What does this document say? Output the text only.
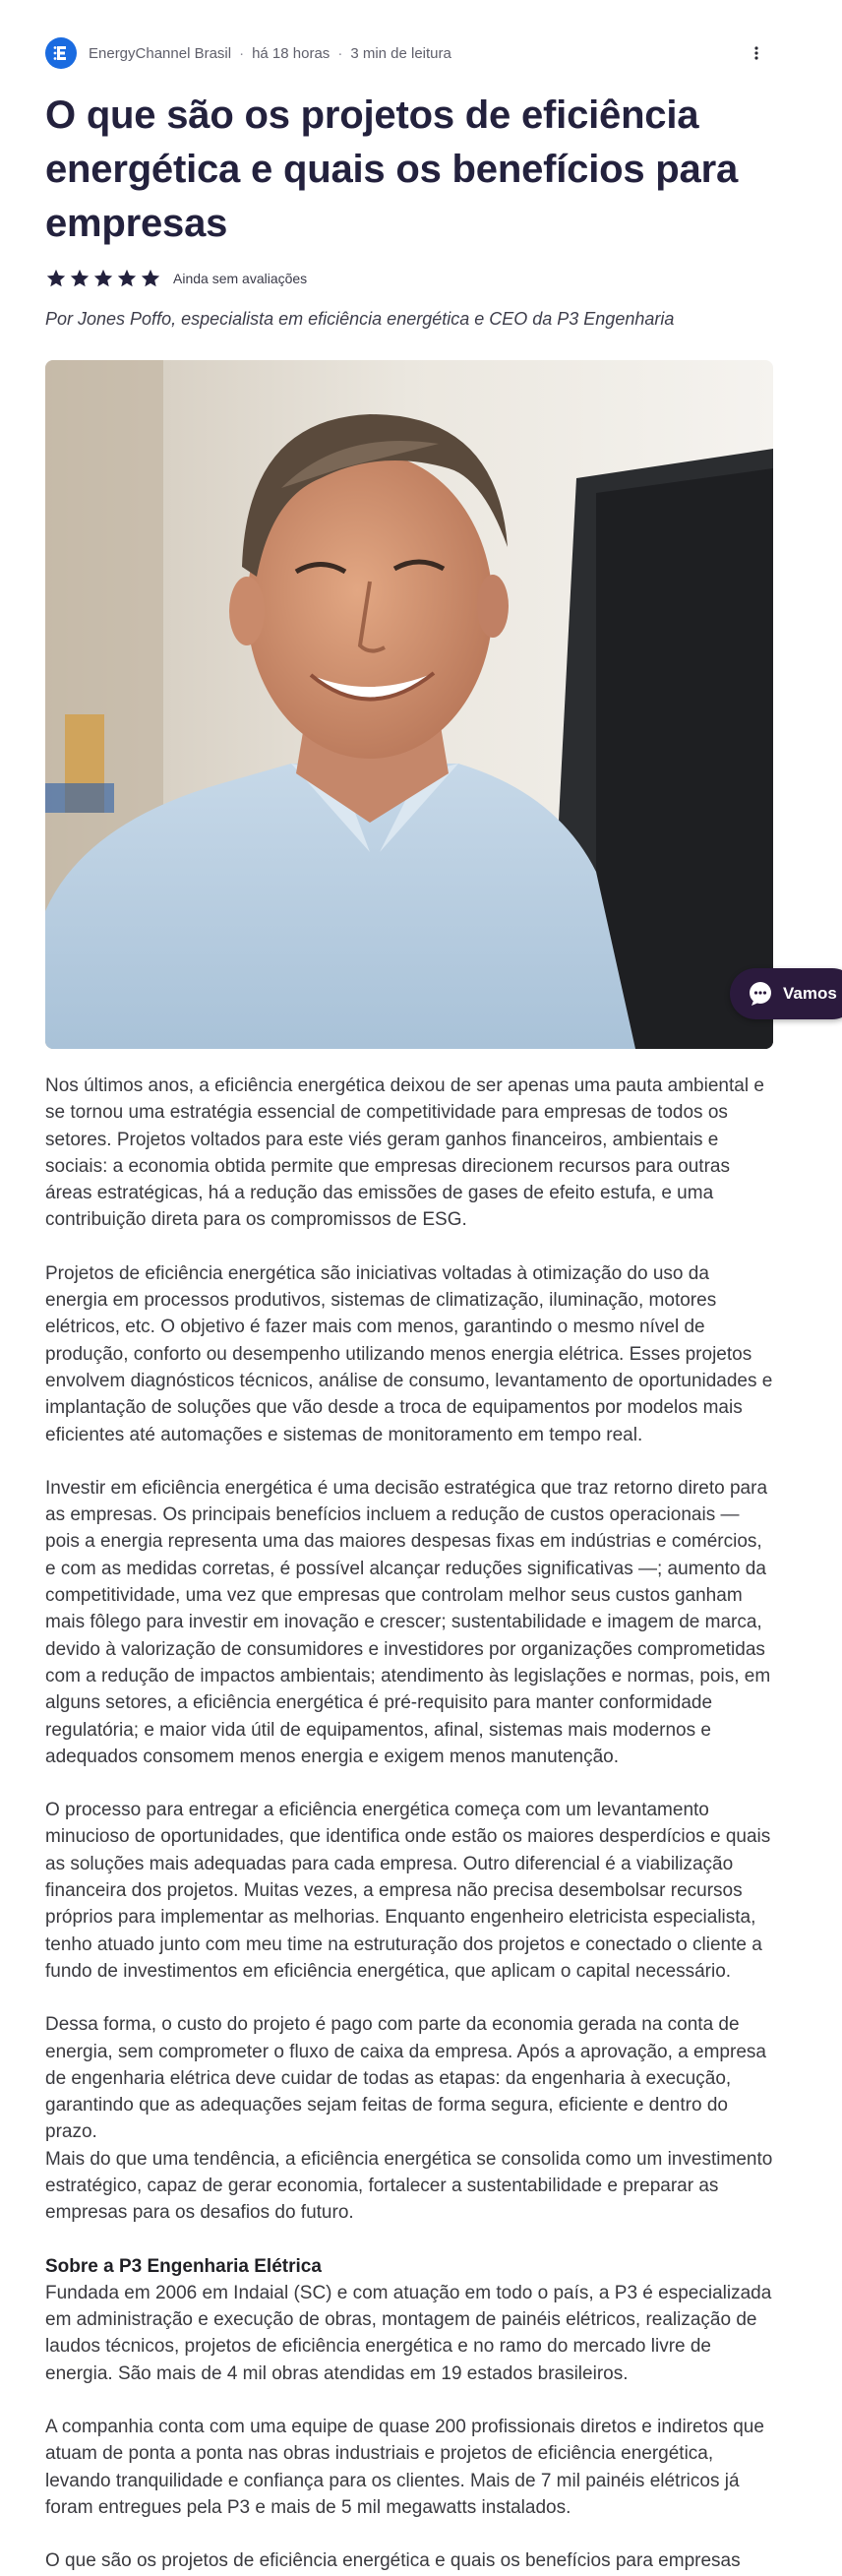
EnergyChannel Brasil · há 18 horas · 3 min de leitura
O que são os projetos de eficiência energética e quais os benefícios para empresas
Ainda sem avaliações

Por Jones Poffo, especialista em eficiência energética e CEO da P3 Engenharia

Vamos

Nos últimos anos, a eficiência energética deixou de ser apenas uma pauta ambiental e se tornou uma estratégia essencial de competitividade para empresas de todos os setores. Projetos voltados para este viés geram ganhos financeiros, ambientais e sociais: a economia obtida permite que empresas direcionem recursos para outras áreas estratégicas, há a redução das emissões de gases de efeito estufa, e uma contribuição direta para os compromissos de ESG.

Projetos de eficiência energética são iniciativas voltadas à otimização do uso da energia em processos produtivos, sistemas de climatização, iluminação, motores elétricos, etc. O objetivo é fazer mais com menos, garantindo o mesmo nível de produção, conforto ou desempenho utilizando menos energia elétrica. Esses projetos envolvem diagnósticos técnicos, análise de consumo, levantamento de oportunidades e implantação de soluções que vão desde a troca de equipamentos por modelos mais eficientes até automações e sistemas de monitoramento em tempo real.

Investir em eficiência energética é uma decisão estratégica que traz retorno direto para as empresas. Os principais benefícios incluem a redução de custos operacionais — pois a energia representa uma das maiores despesas fixas em indústrias e comércios, e com as medidas corretas, é possível alcançar reduções significativas —; aumento da competitividade, uma vez que empresas que controlam melhor seus custos ganham mais fôlego para investir em inovação e crescer; sustentabilidade e imagem de marca, devido à valorização de consumidores e investidores por organizações comprometidas com a redução de impactos ambientais; atendimento às legislações e normas, pois, em alguns setores, a eficiência energética é pré-requisito para manter conformidade regulatória; e maior vida útil de equipamentos, afinal, sistemas mais modernos e adequados consomem menos energia e exigem menos manutenção.

O processo para entregar a eficiência energética começa com um levantamento minucioso de oportunidades, que identifica onde estão os maiores desperdícios e quais as soluções mais adequadas para cada empresa. Outro diferencial é a viabilização financeira dos projetos. Muitas vezes, a empresa não precisa desembolsar recursos próprios para implementar as melhorias. Enquanto engenheiro eletricista especialista, tenho atuado junto com meu time na estruturação dos projetos e conectado o cliente a fundo de investimentos em eficiência energética, que aplicam o capital necessário.

Dessa forma, o custo do projeto é pago com parte da economia gerada na conta de energia, sem comprometer o fluxo de caixa da empresa. Após a aprovação, a empresa de engenharia elétrica deve cuidar de todas as etapas: da engenharia à execução, garantindo que as adequações sejam feitas de forma segura, eficiente e dentro do prazo.

Mais do que uma tendência, a eficiência energética se consolida como um investimento estratégico, capaz de gerar economia, fortalecer a sustentabilidade e preparar as empresas para os desafios do futuro.

Sobre a P3 Engenharia Elétrica

Fundada em 2006 em Indaial (SC) e com atuação em todo o país, a P3 é especializada em administração e execução de obras, montagem de painéis elétricos, realização de laudos técnicos, projetos de eficiência energética e no ramo do mercado livre de energia. São mais de 4 mil obras atendidas em 19 estados brasileiros.

A companhia conta com uma equipe de quase 200 profissionais diretos e indiretos que atuam de ponta a ponta nas obras industriais e projetos de eficiência energética, levando tranquilidade e confiança para os clientes. Mais de 7 mil painéis elétricos já foram entregues pela P3 e mais de 5 mil megawatts instalados.

O que são os projetos de eficiência energética e quais os benefícios para empresas
